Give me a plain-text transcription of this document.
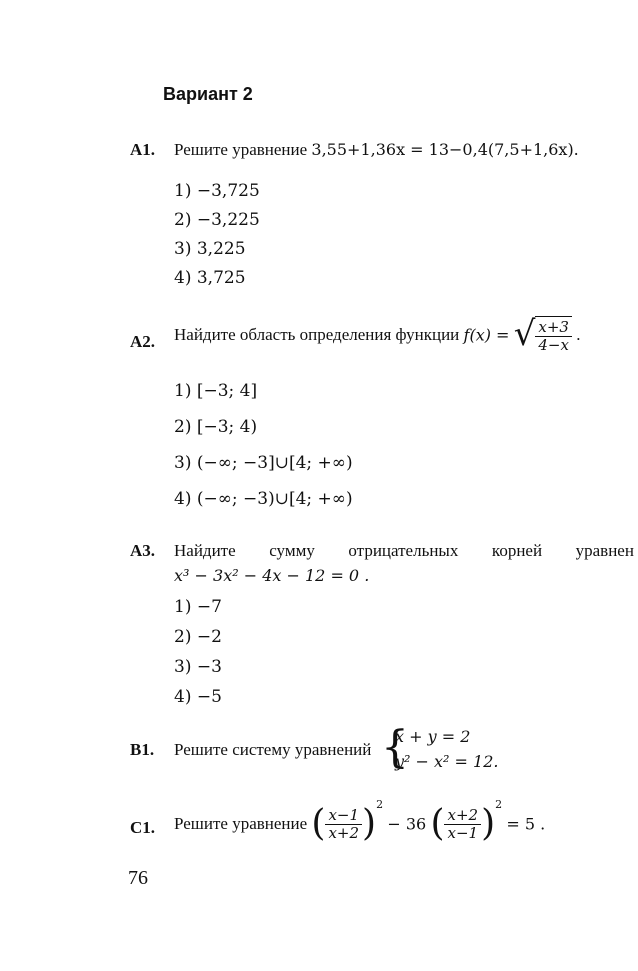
Вариант 2
A1. Решите уравнение 3,55+1,36x = 13−0,4(7,5+1,6x).
1) −3,725
2) −3,225
3) 3,225
4) 3,725
A2. Найдите область определения функции f(x) = √ $\frac{x+3}{4-x}$ .
1) [−3; 4]
2) [−3; 4)
3) (−∞; −3]∪[4; +∞)
4) (−∞; −3)∪[4; +∞)
A3. Найдите сумму отрицательных корней уравнен
x³ − 3x² − 4x − 12 = 0 .
1) −7
2) −2
3) −3
4) −5
B1. Решите систему уравнений {
x + y = 2
y² − x² = 12.
C1. Решите уравнение ( $\frac{x-1}{x+2} )^2 - 36$ ( $\frac{x+2}{x-1} )^2 = 5$ .
76
